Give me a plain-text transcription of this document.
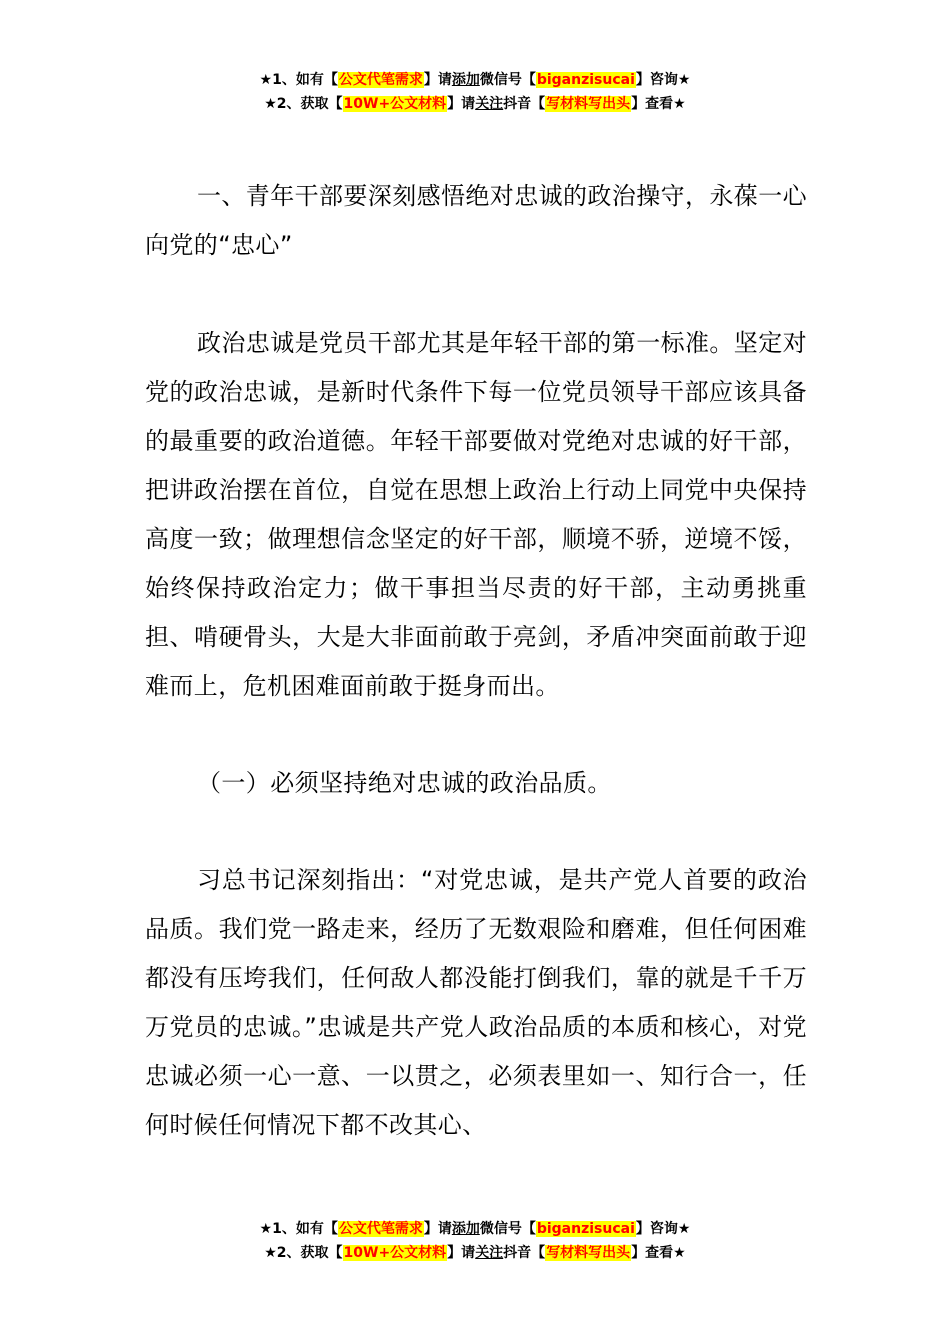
★1、如有【公文代笔需求】请添加微信号【biganzisucai】咨询★
★2、获取【10W+公文材料】请关注抖音【写材料写出头】查看★

一、青年干部要深刻感悟绝对忠诚的政治操守，永葆一心向党的“忠心”

政治忠诚是党员干部尤其是年轻干部的第一标准。坚定对党的政治忠诚，是新时代条件下每一位党员领导干部应该具备的最重要的政治道德。年轻干部要做对党绝对忠诚的好干部，把讲政治摆在首位，自觉在思想上政治上行动上同党中央保持高度一致；做理想信念坚定的好干部，顺境不骄，逆境不馁，始终保持政治定力；做干事担当尽责的好干部，主动勇挑重担、啃硬骨头，大是大非面前敢于亮剑，矛盾冲突面前敢于迎难而上，危机困难面前敢于挺身而出。

（一）必须坚持绝对忠诚的政治品质。

习总书记深刻指出：“对党忠诚，是共产党人首要的政治品质。我们党一路走来，经历了无数艰险和磨难，但任何困难都没有压垮我们，任何敌人都没能打倒我们，靠的就是千千万万党员的忠诚。”忠诚是共产党人政治品质的本质和核心，对党忠诚必须一心一意、一以贯之，必须表里如一、知行合一，任何时候任何情况下都不改其心、

★1、如有【公文代笔需求】请添加微信号【biganzisucai】咨询★
★2、获取【10W+公文材料】请关注抖音【写材料写出头】查看★
